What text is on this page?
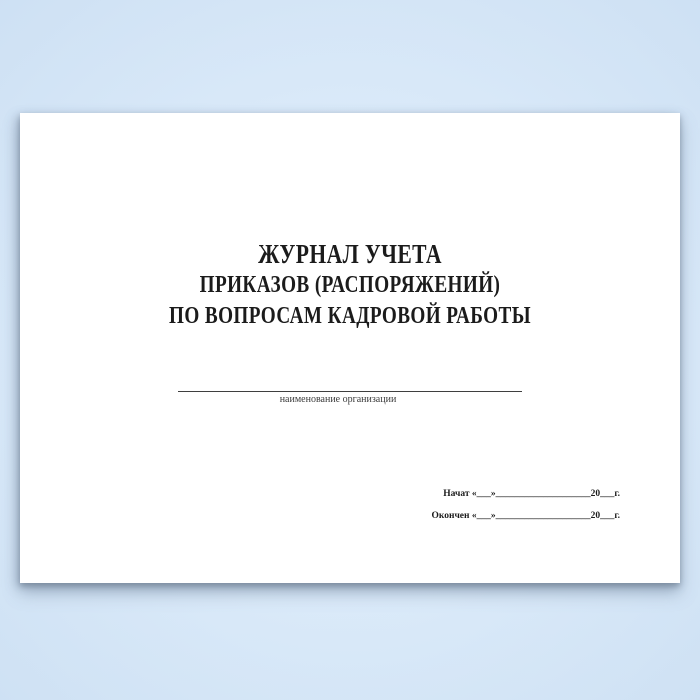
ЖУРНАЛ УЧЕТА
ПРИКАЗОВ (РАСПОРЯЖЕНИЙ)
ПО ВОПРОСАМ КАДРОВОЙ РАБОТЫ
наименование организации
Начат «___»____________________20___г.
Окончен «___»____________________20___г.
